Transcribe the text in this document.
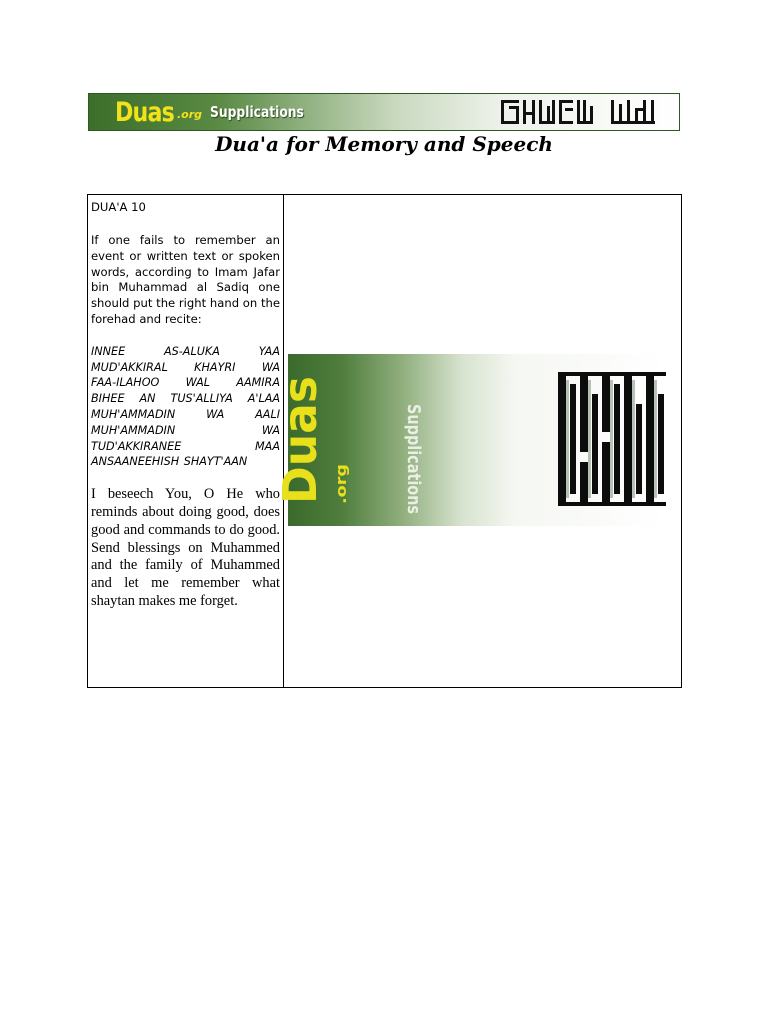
Duas .org Supplications
Dua'a for Memory and Speech

DUA'A 10

If one fails to remember an event or written text or spoken words, according to Imam Jafar bin Muhammad al Sadiq one should put the right hand on the forehad and recite:

INNEE AS-ALUKA YAA
MUD'AKKIRAL KHAYRI WA
FAA-ILAHOO WAL AAMIRA
BIHEE AN TUS'ALLIYA A'LAA
MUH'AMMADIN WA AALI
MUH'AMMADIN WA
TUD'AKKIRANEE MAA
ANSAANEEHISH SHAYT'AAN

I beseech You, O He who reminds about doing good, does good and commands to do good. Send blessings on Muhammed and the family of Muhammed and let me remember what shaytan makes me forget.

Duas .org	Supplications
